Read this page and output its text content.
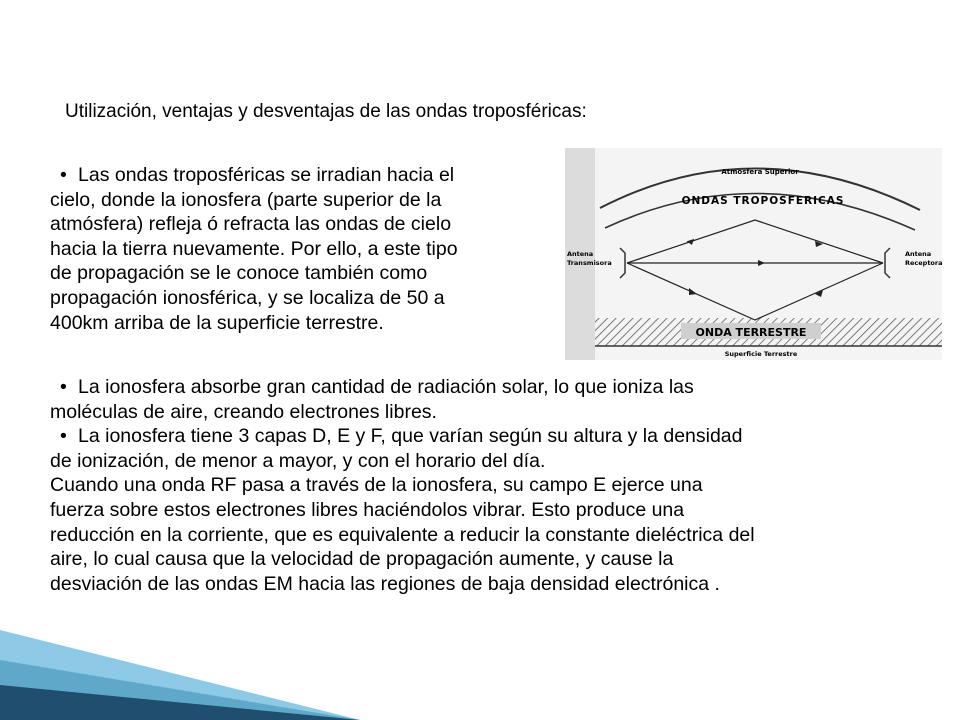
Utilización, ventajas y desventajas de las ondas troposféricas:
• Las ondas troposféricas se irradian hacia el
cielo, donde la ionosfera (parte superior de la
atmósfera) refleja ó refracta las ondas de cielo
hacia la tierra nuevamente. Por ello, a este tipo
de propagación se le conoce también como
propagación ionosférica, y se localiza de 50 a
400km arriba de la superficie terrestre.
• La ionosfera absorbe gran cantidad de radiación solar, lo que ioniza las
moléculas de aire, creando electrones libres.
• La ionosfera tiene 3 capas D, E y F, que varían según su altura y la densidad
de ionización, de menor a mayor, y con el horario del día.
Cuando una onda RF pasa a través de la ionosfera, su campo E ejerce una
fuerza sobre estos electrones libres haciéndolos vibrar. Esto produce una
reducción en la corriente, que es equivalente a reducir la constante dieléctrica del
aire, lo cual causa que la velocidad de propagación aumente, y cause la
desviación de las ondas EM hacia las regiones de baja densidad electrónica .
Atmosfera Superior
ONDAS TROPOSFERICAS
ONDA TERRESTRE
Superficie Terrestre
Antena
Transmisora
Antena
Receptora
